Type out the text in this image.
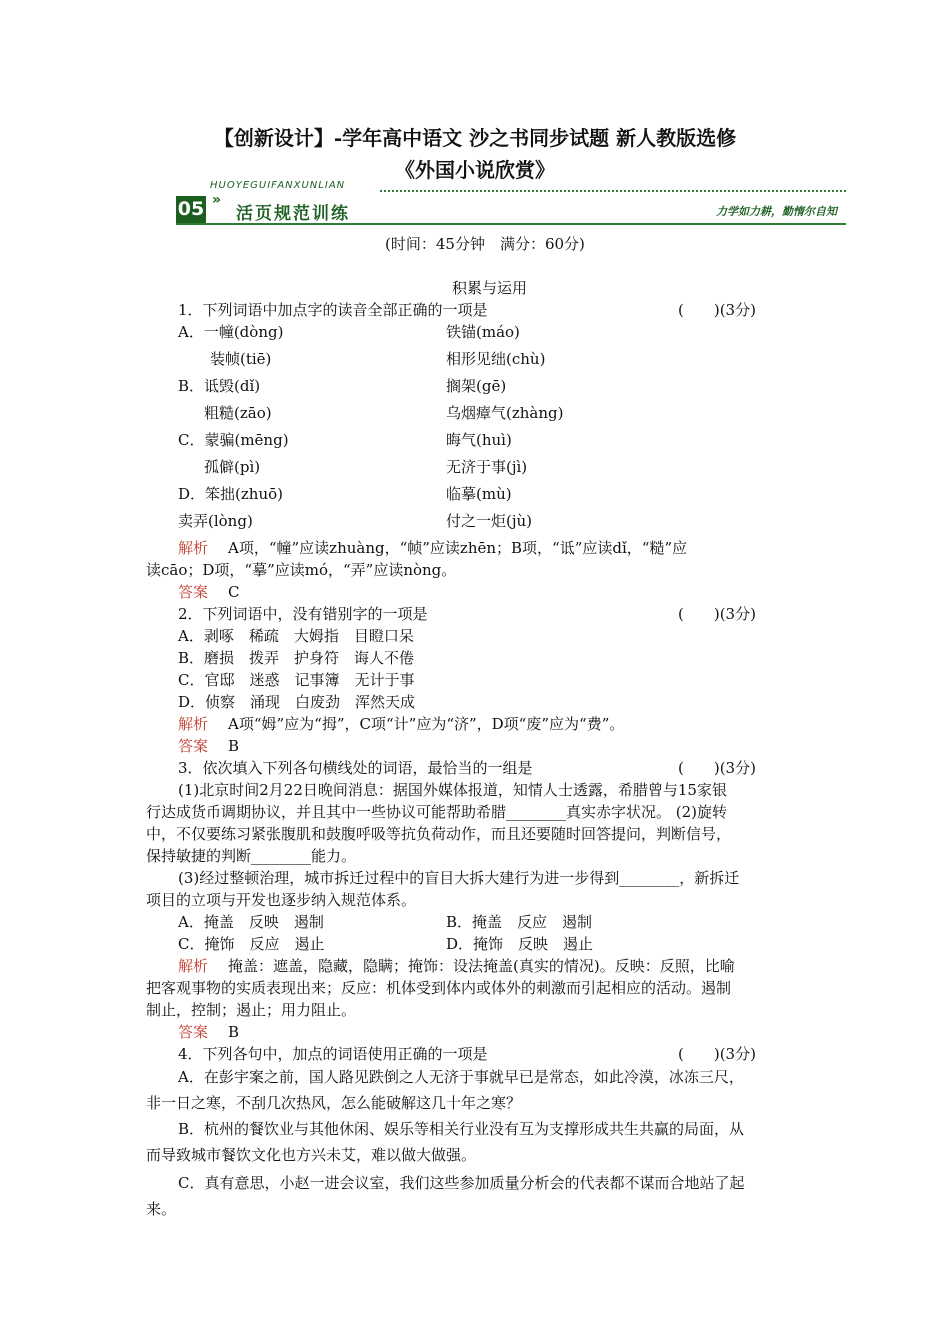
【创新设计】-学年高中语文 沙之书同步试题 新人教版选修
《外国小说欣赏》
HUOYEGUIFANXUNLIAN
05 »
活页规范训练	力学如力耕，勤惰尔自知
(时间：45分钟　满分：60分)
积累与运用
1．下列词语中加点字的读音全部正确的一项是	(　　)(3分)
A．一幢(dòng)	铁锚(máo)
装帧(tiē)	相形见绌(chù)
B．诋毁(dǐ)	搁架(gē)
粗糙(zāo)	乌烟瘴气(zhàng)
C．蒙骗(mēng)	晦气(huì)
孤僻(pì)	无济于事(jì)
D．笨拙(zhuō)	临摹(mù)
卖弄(lòng)	付之一炬(jù)
解析 A项，“幢”应读zhuàng，“帧”应读zhēn；B项，“诋”应读dǐ，“糙”应
读cāo；D项，“摹”应读mó，“弄”应读nòng。
答案 C
2．下列词语中，没有错别字的一项是	(　　)(3分)
A．剥啄　稀疏　大姆指　目瞪口呆
B．磨损　拨弄　护身符　诲人不倦
C．官邸　迷惑　记事簿　无计于事
D．侦察　涌现　白废劲　浑然天成
解析 A项“姆”应为“拇”，C项“计”应为“济”，D项“废”应为“费”。
答案 B
3．依次填入下列各句横线处的词语，最恰当的一组是	(　　)(3分)
(1)北京时间2月22日晚间消息：据国外媒体报道，知情人士透露，希腊曾与15家银
行达成货币调期协议，并且其中一些协议可能帮助希腊________真实赤字状况。 (2)旋转
中，不仅要练习紧张腹肌和鼓腹呼吸等抗负荷动作，而且还要随时回答提问，判断信号，
保持敏捷的判断________能力。
(3)经过整顿治理，城市拆迁过程中的盲目大拆大建行为进一步得到________，新拆迁
项目的立项与开发也逐步纳入规范体系。
A．掩盖　反映　遏制	B．掩盖　反应　遏制
C．掩饰　反应　遏止	D．掩饰　反映　遏止
解析 掩盖：遮盖，隐藏，隐瞒；掩饰：设法掩盖(真实的情况)。反映：反照，比喻
把客观事物的实质表现出来；反应：机体受到体内或体外的刺激而引起相应的活动。遏制
制止，控制；遏止；用力阻止。
答案 B
4．下列各句中，加点的词语使用正确的一项是	(　　)(3分)
A．在彭宇案之前，国人路见跌倒之人无济于事就早已是常态，如此冷漠，冰冻三尺，
非一日之寒，不刮几次热风，怎么能破解这几十年之寒？
B．杭州的餐饮业与其他休闲、娱乐等相关行业没有互为支撑形成共生共赢的局面，从
而导致城市餐饮文化也方兴未艾，难以做大做强。
C．真有意思，小赵一进会议室，我们这些参加质量分析会的代表都不谋而合地站了起
来。
